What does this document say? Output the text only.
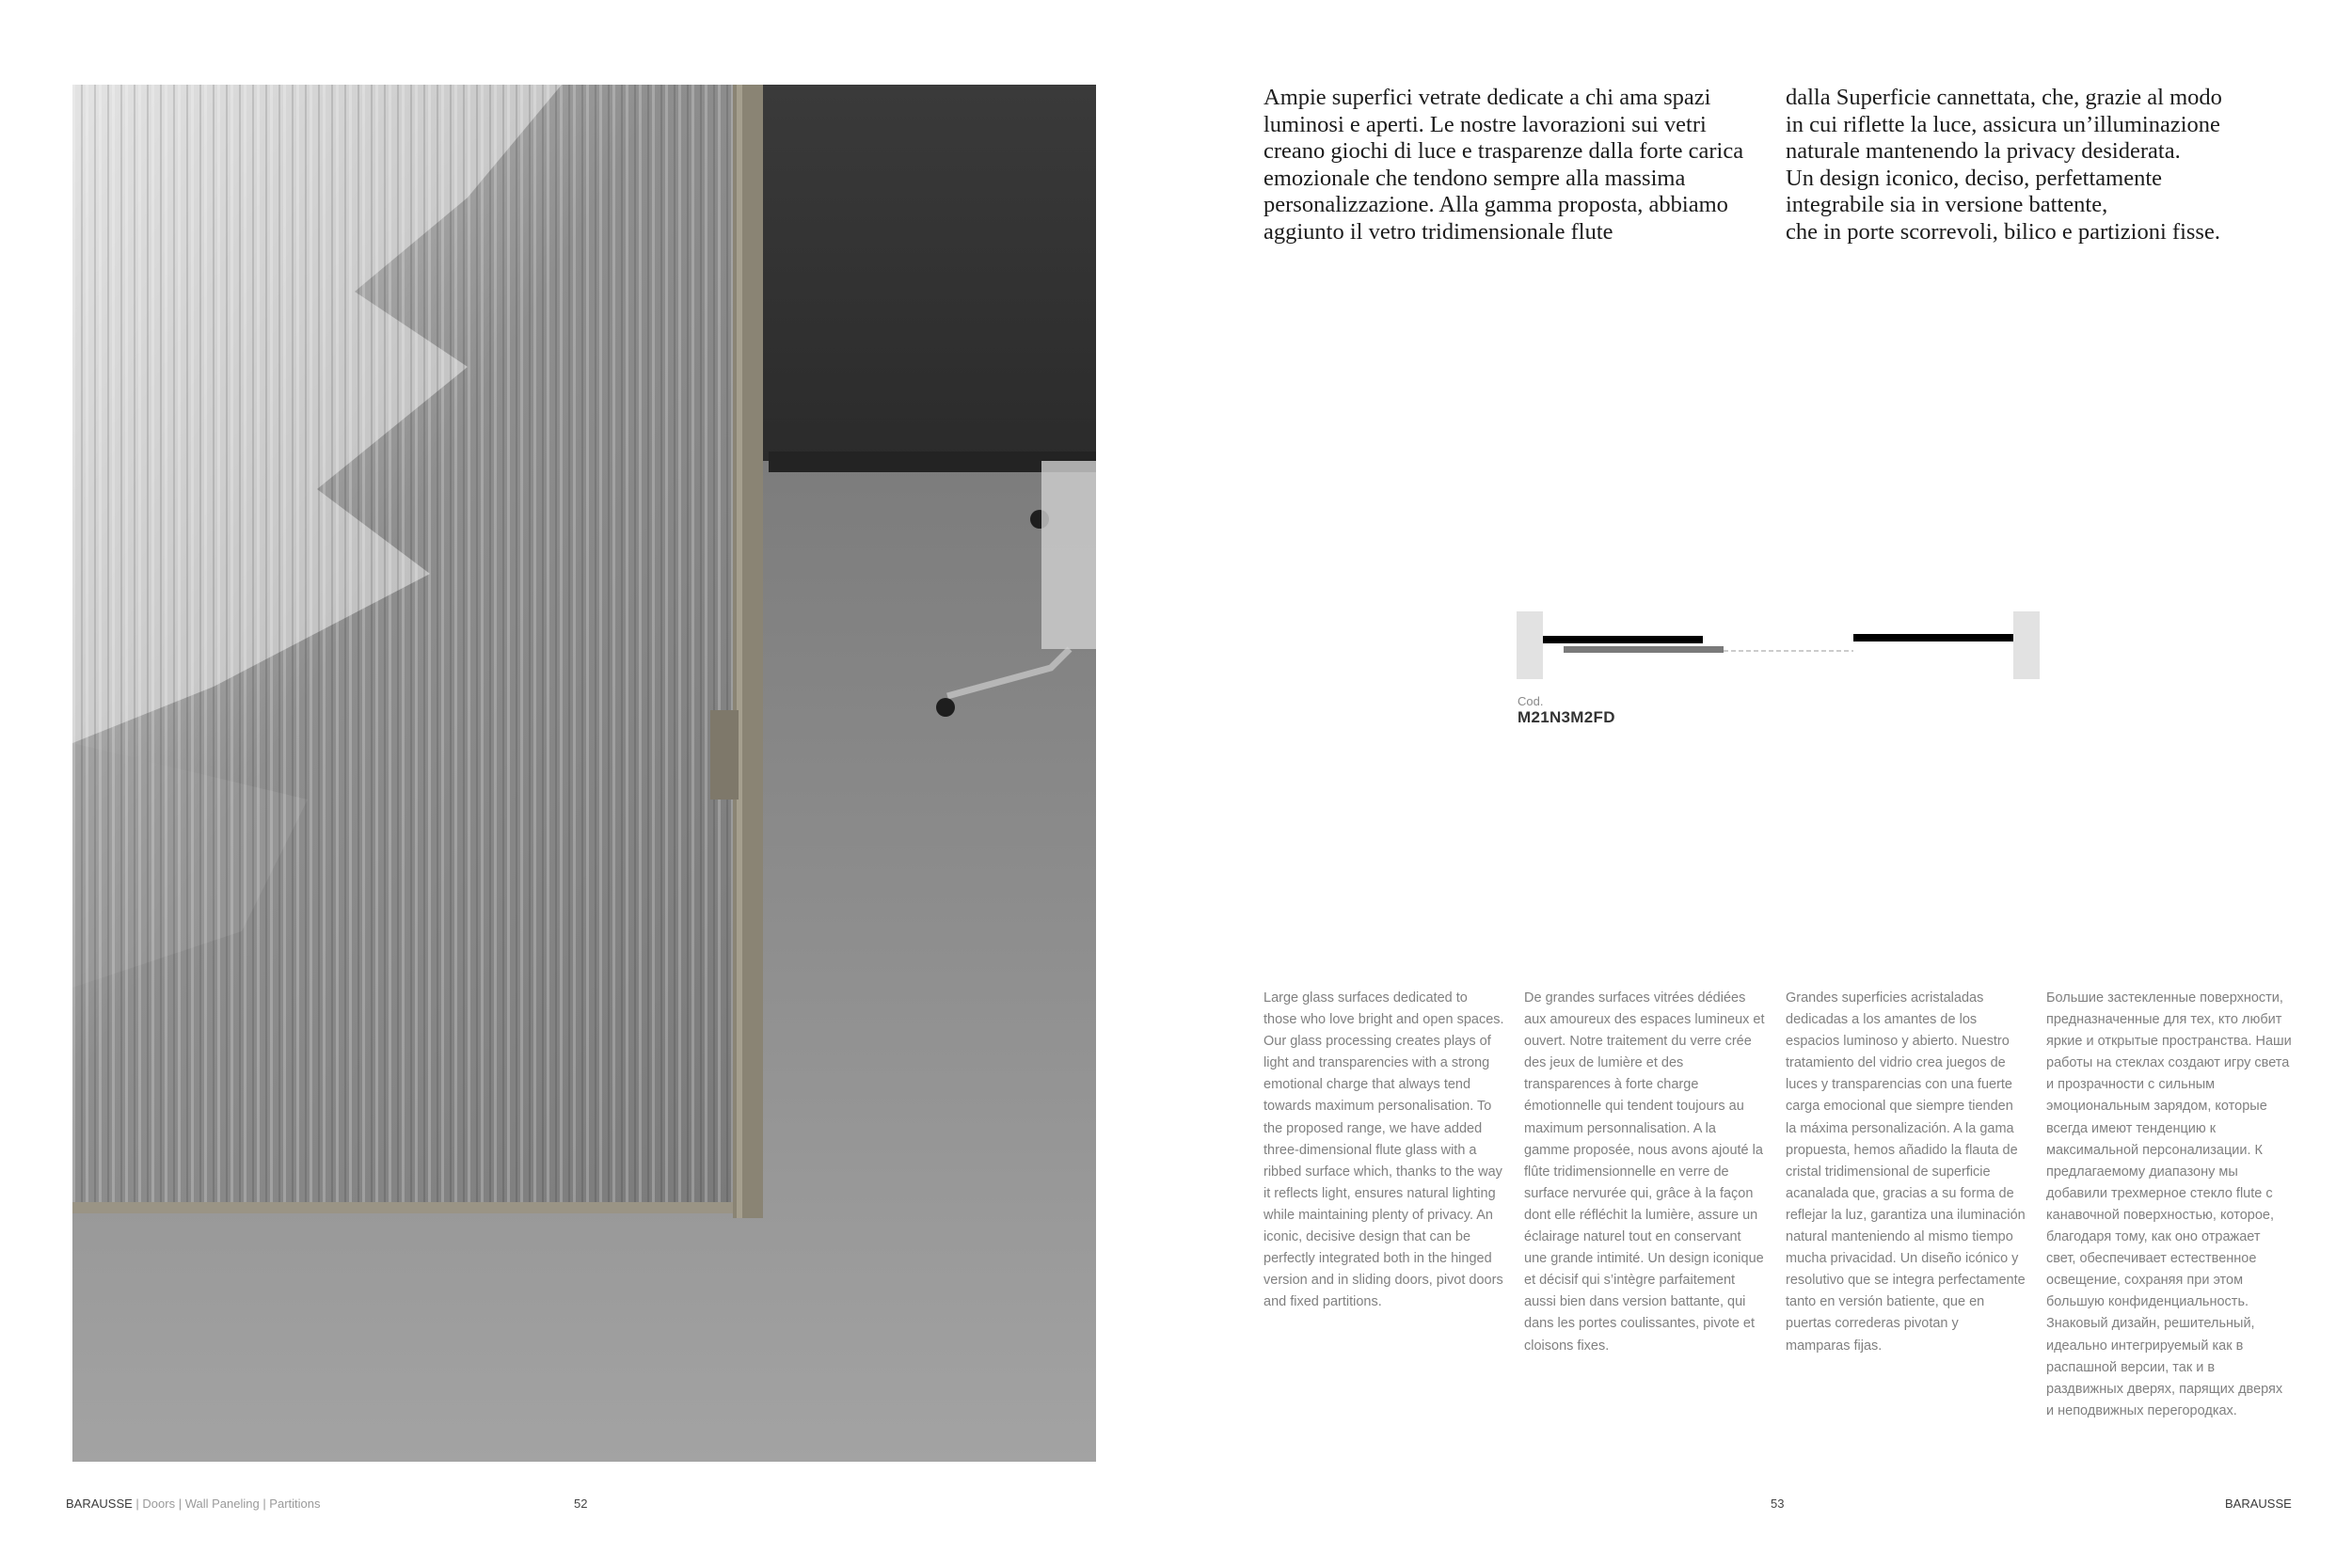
Ampie superfici vetrate dedicate a chi ama spazi luminosi e aperti. Le nostre lavorazioni sui vetri creano giochi di luce e trasparenze dalla forte carica emozionale che tendono sempre alla massima personalizzazione. Alla gamma proposta, abbiamo aggiunto il vetro tridimensionale flute

dalla Superficie cannettata, che, grazie al modo

in cui riflette la luce, assicura un’illuminazione

naturale mantenendo la privacy desiderata.

Un design iconico, deciso, perfettamente

integrabile sia in versione battente,

che in porte scorrevoli, bilico e partizioni fisse.

Cod.
M21N3M2FD

Large glass surfaces dedicated to those who love bright and open spaces. Our glass processing creates plays of light and transparencies with a strong emotional charge that always tend towards maximum personalisation. To the proposed range, we have added three-dimensional flute glass with a ribbed surface which, thanks to the way it reflects light, ensures natural lighting while maintaining plenty of privacy. An iconic, decisive design that can be perfectly integrated both in the hinged version and in sliding doors, pivot doors and fixed partitions.

De grandes surfaces vitrées dédiées aux amoureux des espaces lumineux et ouvert. Notre traitement du verre crée des jeux de lumière et des transparences à forte charge émotionnelle qui tendent toujours au maximum personnalisation. A la gamme proposée, nous avons ajouté la flûte tridimensionnelle en verre de surface nervurée qui, grâce à la façon dont elle réfléchit la lumière, assure un éclairage naturel tout en conservant une grande intimité. Un design iconique et décisif qui s’intègre parfaitement aussi bien dans version battante, qui dans les portes coulissantes, pivote et cloisons fixes.

Grandes superficies acristaladas dedicadas a los amantes de los espacios luminoso y abierto. Nuestro tratamiento del vidrio crea juegos de luces y transparencias con una fuerte carga emocional que siempre tienden la máxima personalización. A la gama propuesta, hemos añadido la flauta de cristal tridimensional de superficie acanalada que, gracias a su forma de reflejar la luz, garantiza una iluminación natural manteniendo al mismo tiempo mucha privacidad. Un diseño icónico y resolutivo que se integra perfectamente tanto en versión batiente, que en puertas correderas pivotan y mamparas fijas.

Большие застекленные поверхности, предназначенные для тех, кто любит яркие и открытые пространства. Наши работы на стеклах создают игру света и прозрачности с сильным эмоциональным зарядом, которые всегда имеют тенденцию к максимальной персонализации. К предлагаемому диапазону мы добавили трехмерное стекло flute с канавочной поверхностью, которое, благодаря тому, как оно отражает свет, обеспечивает естественное освещение, сохраняя при этом большую конфиденциальность. Знаковый дизайн, решительный, идеально интегрируемый как в распашной версии, так и в раздвижных дверях, парящих дверях и неподвижных перегородках.

BARAUSSE | Doors | Wall Paneling | Partitions	52	53	BARAUSSE
